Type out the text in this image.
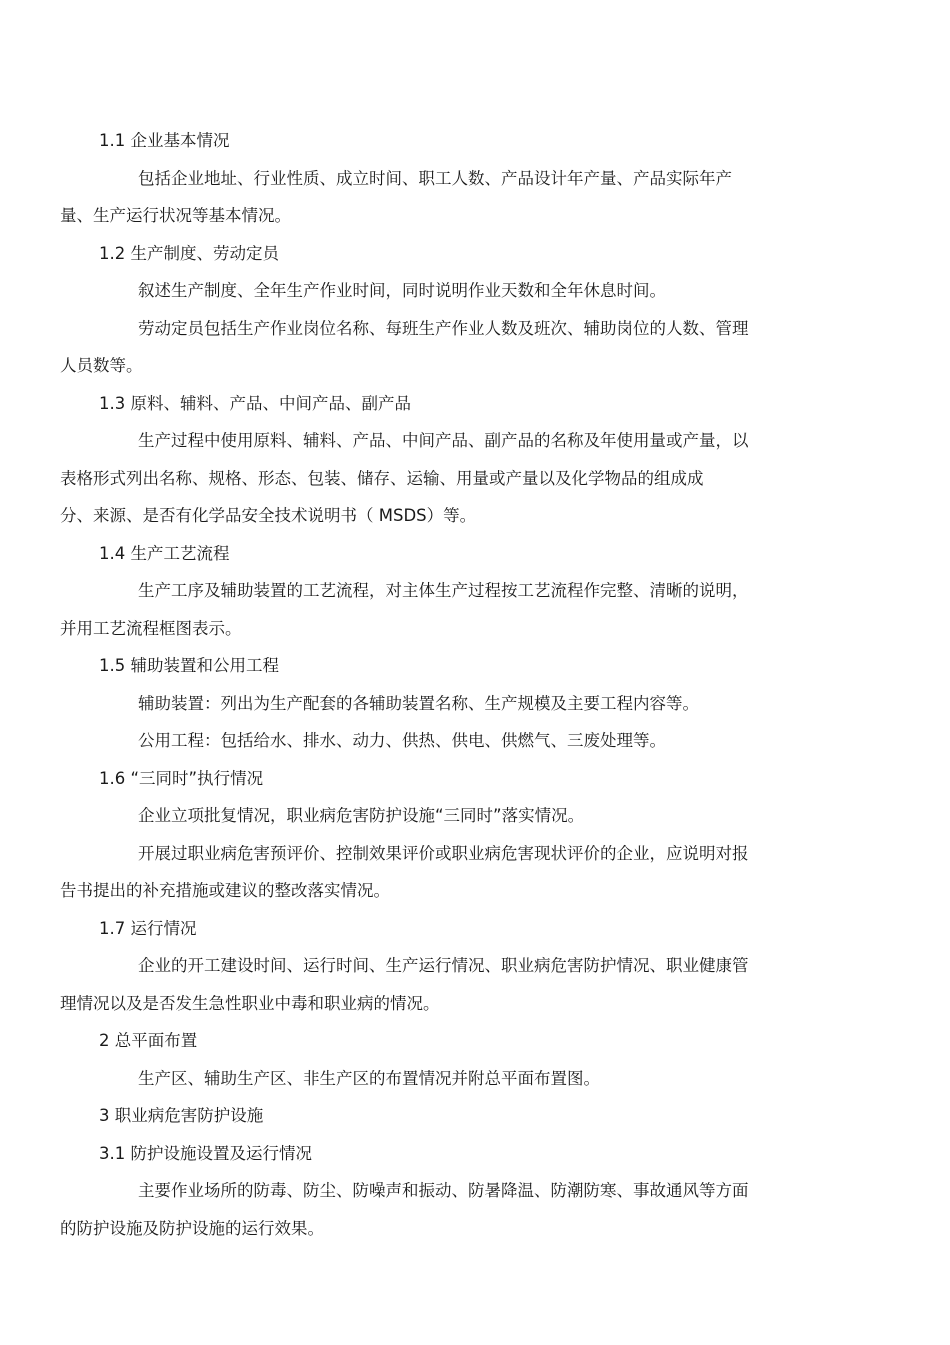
1.1 企业基本情况
包括企业地址、行业性质、成立时间、职工人数、产品设计年产量、产品实际年产
量、生产运行状况等基本情况。
1.2 生产制度、劳动定员
叙述生产制度、全年生产作业时间，同时说明作业天数和全年休息时间。
劳动定员包括生产作业岗位名称、每班生产作业人数及班次、辅助岗位的人数、管理
人员数等。
1.3 原料、辅料、产品、中间产品、副产品
生产过程中使用原料、辅料、产品、中间产品、副产品的名称及年使用量或产量，以
表格形式列出名称、规格、形态、包装、储存、运输、用量或产量以及化学物品的组成成
分、来源、是否有化学品安全技术说明书（ MSDS）等。
1.4 生产工艺流程
生产工序及辅助装置的工艺流程，对主体生产过程按工艺流程作完整、清晰的说明，
并用工艺流程框图表示。
1.5 辅助装置和公用工程
辅助装置：列出为生产配套的各辅助装置名称、生产规模及主要工程内容等。
公用工程：包括给水、排水、动力、供热、供电、供燃气、三废处理等。
1.6 “三同时”执行情况
企业立项批复情况，职业病危害防护设施“三同时”落实情况。
开展过职业病危害预评价、控制效果评价或职业病危害现状评价的企业，应说明对报
告书提出的补充措施或建议的整改落实情况。
1.7 运行情况
企业的开工建设时间、运行时间、生产运行情况、职业病危害防护情况、职业健康管
理情况以及是否发生急性职业中毒和职业病的情况。
2 总平面布置
生产区、辅助生产区、非生产区的布置情况并附总平面布置图。
3 职业病危害防护设施
3.1 防护设施设置及运行情况
主要作业场所的防毒、防尘、防噪声和振动、防暑降温、防潮防寒、事故通风等方面
的防护设施及防护设施的运行效果。
